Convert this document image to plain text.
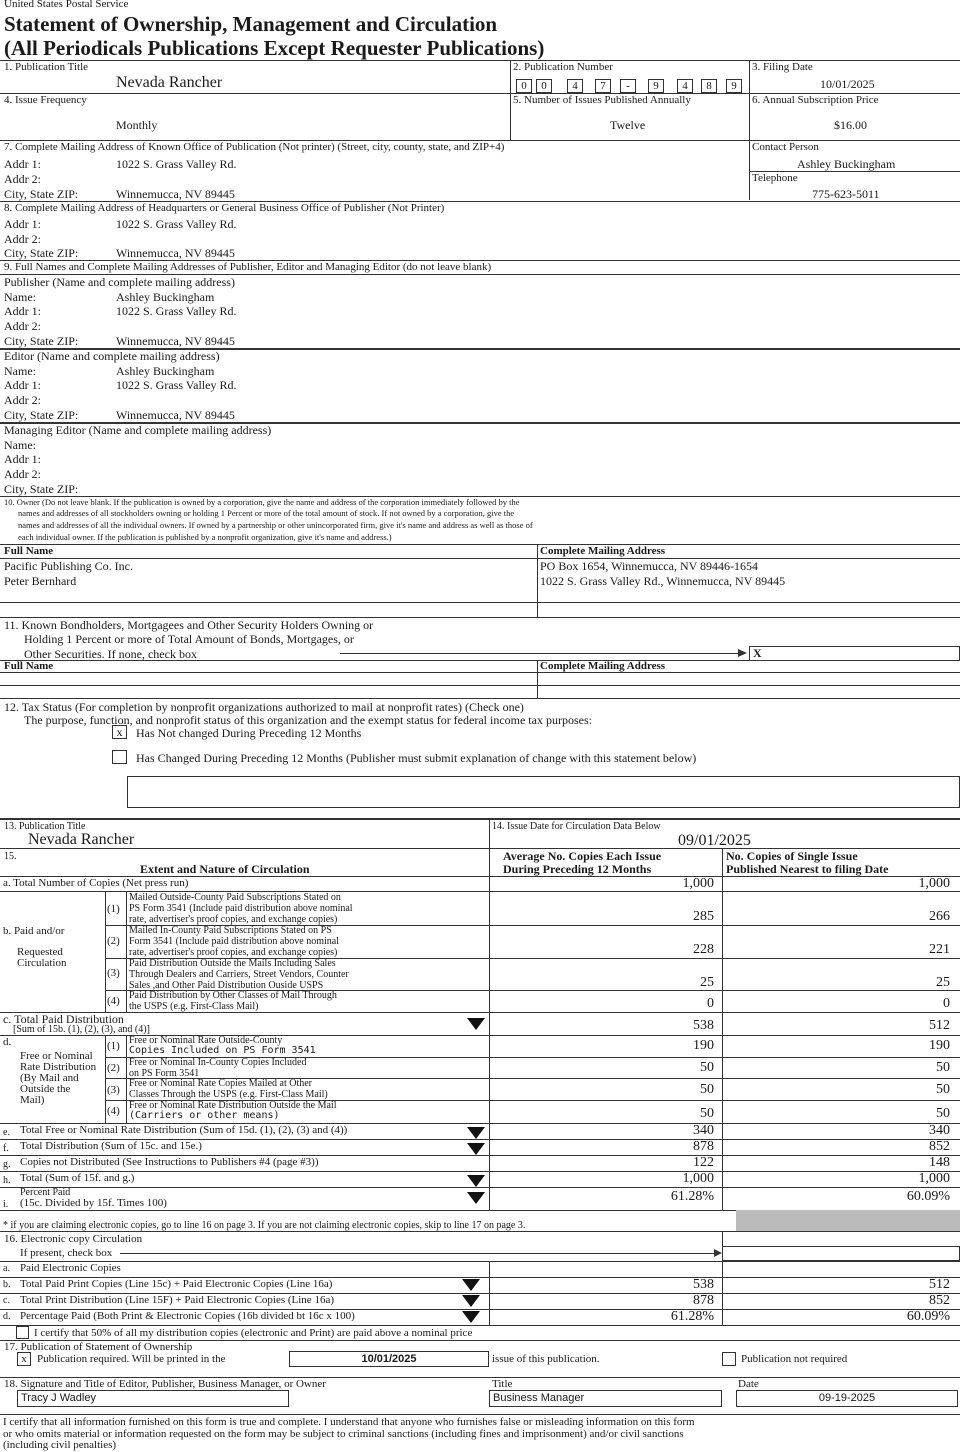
United States Postal Service
Statement of Ownership, Management and Circulation
(All Periodicals Publications Except Requester Publications)
1. Publication Title
Nevada Rancher
2. Publication Number
0	0	4	7	-	9	4	8	9
3. Filing Date
10/01/2025
4. Issue Frequency
Monthly
5. Number of Issues Published Annually
Twelve
6. Annual Subscription Price
$16.00
7. Complete Mailing Address of Known Office of Publication (Not printer) (Street, city, county, state, and ZIP+4)
Addr 1:	1022 S. Grass Valley Rd.
Addr 2:
City, State ZIP:	Winnemucca, NV 89445
Contact Person
Ashley Buckingham
Telephone
775-623-5011
8. Complete Mailing Address of Headquarters or General Business Office of Publisher (Not Printer)
Addr 1:	1022 S. Grass Valley Rd.
Addr 2:
City, State ZIP:	Winnemucca, NV 89445
9. Full Names and Complete Mailing Addresses of Publisher, Editor and Managing Editor (do not leave blank)
Publisher (Name and complete mailing address)
Name:	Ashley Buckingham
Addr 1:	1022 S. Grass Valley Rd.
Addr 2:
City, State ZIP:	Winnemucca, NV 89445
Editor (Name and complete mailing address)
Name:	Ashley Buckingham
Addr 1:	1022 S. Grass Valley Rd.
Addr 2:
City, State ZIP:	Winnemucca, NV 89445
Managing Editor (Name and complete mailing address)
Name:
Addr 1:
Addr 2:
City, State ZIP:
10. Owner (Do not leave blank. If the publication is owned by a corporation, give the name and address of the corporation immediately followed by the
names and addresses of all stockholders owning or holding 1 Percent or more of the total amount of stock. If not owned by a corporation, give the
names and addresses of all the individual owners. If owned by a partnership or other unincorporated firm, give it's name and address as well as those of
each individual owner. If the publication is published by a nonprofit organization, give it's name and address.)
Full Name	Complete Mailing Address
Pacific Publishing Co. Inc.	PO Box 1654, Winnemucca, NV 89446-1654
Peter Bernhard	1022 S. Grass Valley Rd., Winnemucca, NV 89445
11. Known Bondholders, Mortgagees and Other Security Holders Owning or
Holding 1 Percent or more of Total Amount of Bonds, Mortgages, or
Other Securities. If none, check box	X
Full Name	Complete Mailing Address
12. Tax Status (For completion by nonprofit organizations authorized to mail at nonprofit rates) (Check one)
The purpose, function, and nonprofit status of this organization and the exempt status for federal income tax purposes:
x	Has Not changed During Preceding 12 Months
Has Changed During Preceding 12 Months (Publisher must submit explanation of change with this statement below)
13. Publication Title
Nevada Rancher
14. Issue Date for Circulation Data Below
09/01/2025
15.
Extent and Nature of Circulation
Average No. Copies Each Issue
During Preceding 12 Months
No. Copies of Single Issue
Published Nearest to filing Date
a. Total Number of Copies (Net press run)	1,000	1,000
b. Paid and/or
Requested
Circulation
(1)
Mailed Outside-County Paid Subscriptions Stated on
PS Form 3541 (Include paid distribution above nominal
rate, advertiser's proof copies, and exchange copies)	285	266
(2)
Mailed In-County Paid Subscriptions Stated on PS
Form 3541 (Include paid distribution above nominal
rate, advertiser's proof copies, and exchange copies)	228	221
(3)
Paid Distribution Outside the Mails Including Sales
Through Dealers and Carriers, Street Vendors, Counter
Sales ,and Other Paid Distribution Ouside USPS	25	25
(4) Paid Distribution by Other Classes of Mail Through
the USPS (e.g. First-Class Mail)	0	0
c. Total Paid Distribution
[Sum of 15b. (1), (2), (3), and (4)]	538	512
d.
Free or Nominal
Rate Distribution
(By Mail and
Outside the
Mail)
(1) Free or Nominal Rate Outside-County
Copies Included on PS Form 3541	190	190
(2) Free or Nominal In-County Copies Included
on PS Form 3541	50	50
(3)
Free or Nominal Rate Copies Mailed at Other
Classes Through the USPS (e.g. First-Class Mail)	50	50
(4) Free or Nominal Rate Distribution Outside the Mail
(Carriers or other means)	50	50
e. Total Free or Nominal Rate Distribution (Sum of 15d. (1), (2), (3) and (4))	340	340
f. Total Distribution (Sum of 15c. and 15e.)	878	852
g. Copies not Distributed (See Instructions to Publishers #4 (page #3))	122	148
h. Total (Sum of 15f. and g.)	1,000	1,000
i.
Percent Paid
(15c. Divided by 15f. Times 100)	61.28%	60.09%
* if you are claiming electronic copies, go to line 16 on page 3. If you are not claiming electronic copies, skip to line 17 on page 3.
16. Electronic copy Circulation
If present, check box
a. Paid Electronic Copies
b. Total Paid Print Copies (Line 15c) + Paid Electronic Copies (Line 16a)	538	512
c. Total Print Distribution (Line 15F) + Paid Electronic Copies (Line 16a)	878	852
d. Percentage Paid (Both Print & Electronic Copies (16b divided bt 16c x 100)	61.28%	60.09%
I certify that 50% of all my distribution copies (electronic and Print) are paid above a nominal price
17. Publication of Statement of Ownership
x Publication required. Will be printed in the	10/01/2025	issue of this publication.	Publication not required
18. Signature and Title of Editor, Publisher, Business Manager, or Owner
Tracy J Wadley
Title
Business Manager
Date
09-19-2025
I certify that all information furnished on this form is true and complete. I understand that anyone who furnishes false or misleading information on this form
or who omits material or information requested on the form may be subject to criminal sanctions (including fines and imprisonment) and/or civil sanctions
(including civil penalties)
